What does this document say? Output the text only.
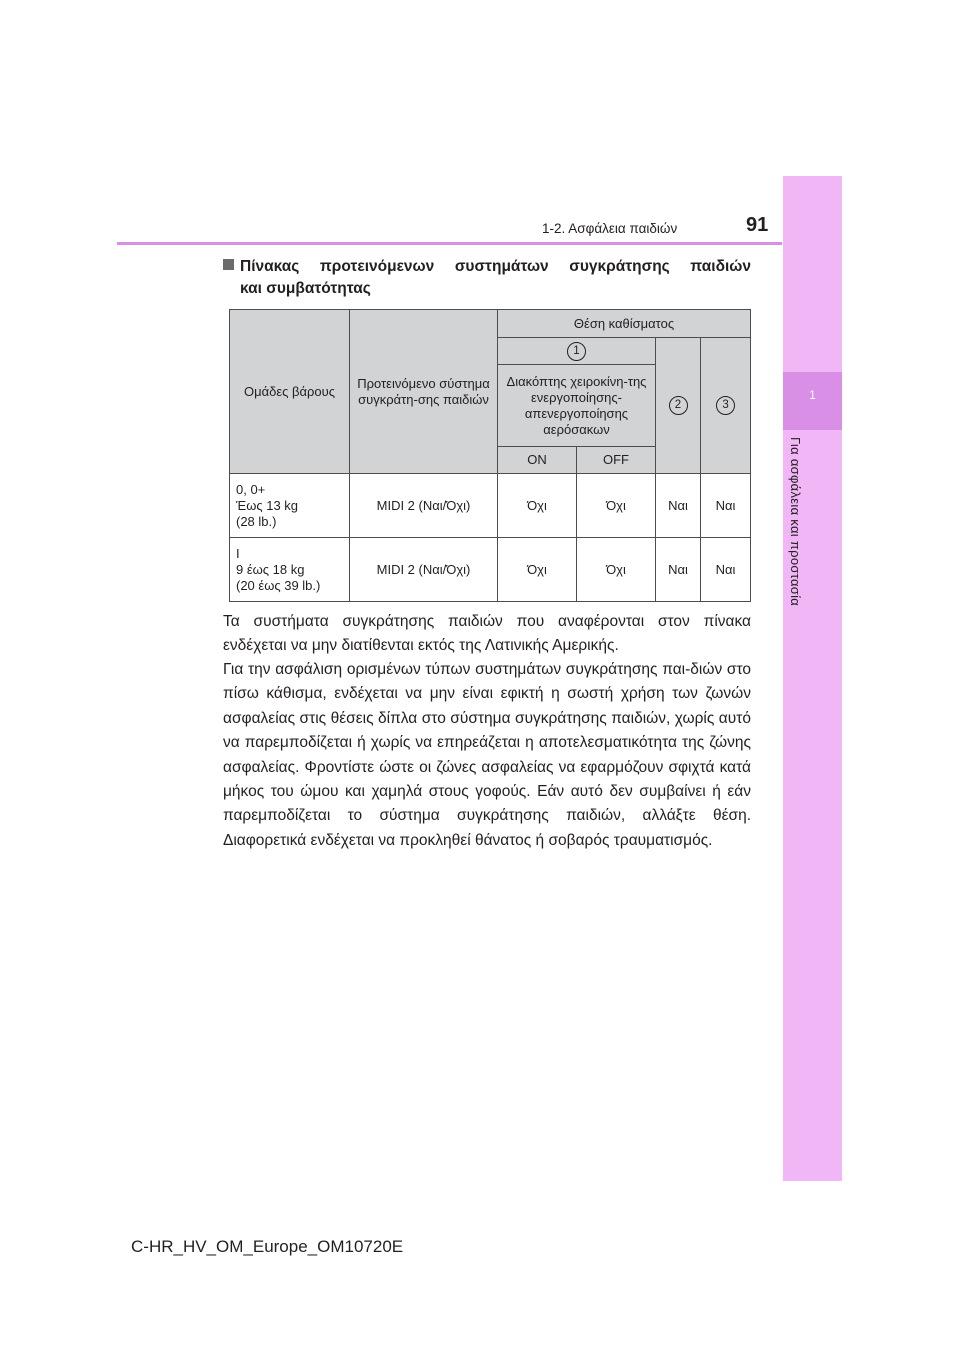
1
Για ασφάλεια και προστασία
1-2. Ασφάλεια παιδιών	91
Πίνακας προτεινόμενων συστημάτων συγκράτησης παιδιών
και συμβατότητας
Ομάδες βάρους	Προτεινόμενο σύστημα συγκράτη-σης παιδιών	Θέση καθίσματος			
		1		2	3
		Διακόπτης χειροκίνη-της ενεργοποίησης-απενεργοποίησης αερόσακων			
		ON	OFF		

0, 0+
Έως 13 kg
(28 lb.)	MIDI 2 (Ναι/Όχι)	Όχι	Όχι	Ναι	Ναι

I
9 έως 18 kg
(20 έως 39 lb.)	MIDI 2 (Ναι/Όχι)	Όχι	Όχι	Ναι	Ναι

Τα συστήματα συγκράτησης παιδιών που αναφέρονται στον πίνακα ενδέχεται να μην διατίθενται εκτός της Λατινικής Αμερικής.

Για την ασφάλιση ορισμένων τύπων συστημάτων συγκράτησης παι-διών στο πίσω κάθισμα, ενδέχεται να μην είναι εφικτή η σωστή χρήση των ζωνών ασφαλείας στις θέσεις δίπλα στο σύστημα συγκράτησης παιδιών, χωρίς αυτό να παρεμποδίζεται ή χωρίς να επηρεάζεται η αποτελεσματικότητα της ζώνης ασφαλείας. Φροντίστε ώστε οι ζώνες ασφαλείας να εφαρμόζουν σφιχτά κατά μήκος του ώμου και χαμηλά στους γοφούς. Εάν αυτό δεν συμβαίνει ή εάν παρεμποδίζεται το σύστημα συγκράτησης παιδιών, αλλάξτε θέση. Διαφορετικά ενδέχεται να προκληθεί θάνατος ή σοβαρός τραυματισμός.

C-HR_HV_OM_Europe_OM10720E
